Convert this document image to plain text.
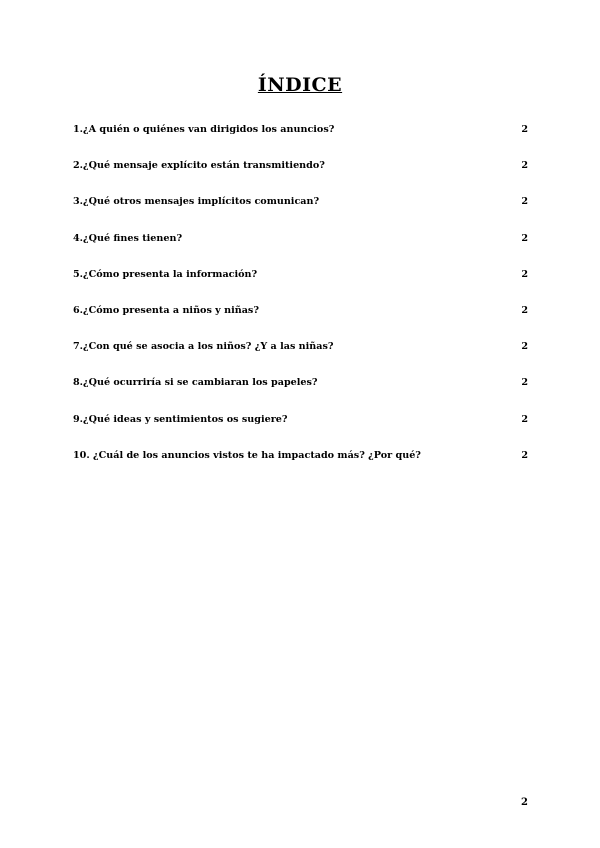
ÍNDICE
1.¿A quién o quiénes van dirigidos los anuncios?	2
2.¿Qué mensaje explícito están transmitiendo?	2
3.¿Qué otros mensajes implícitos comunican?	2
4.¿Qué fines tienen?	2
5.¿Cómo presenta la información?	2
6.¿Cómo presenta a niños y niñas?	2
7.¿Con qué se asocia a los niños? ¿Y a las niñas?	2
8.¿Qué ocurriría si se cambiaran los papeles?	2
9.¿Qué ideas y sentimientos os sugiere?	2
10. ¿Cuál de los anuncios vistos te ha impactado más? ¿Por qué?	2
2
